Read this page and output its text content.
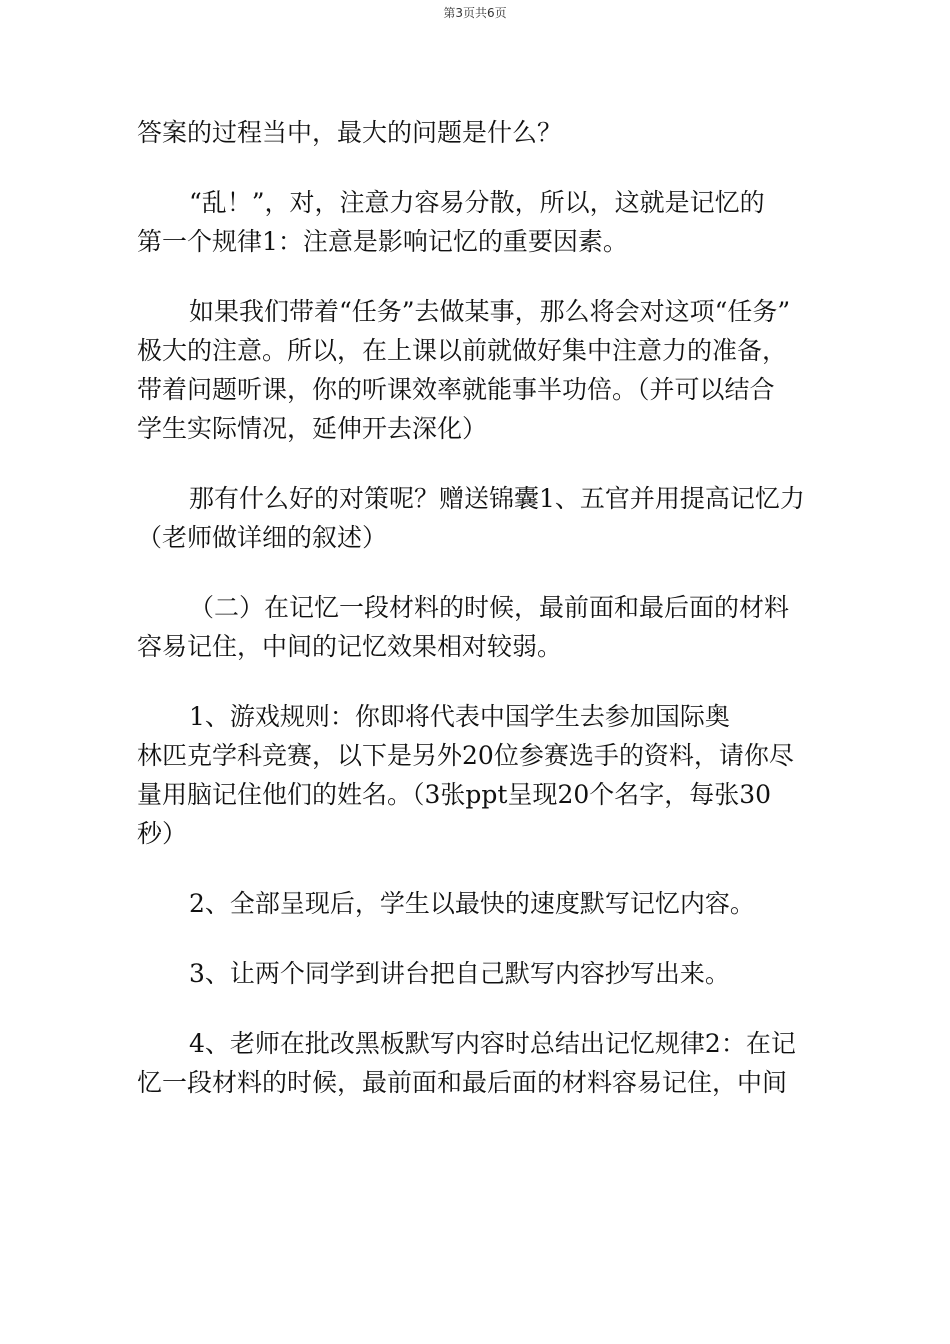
第3页共6页

答案的过程当中，最大的问题是什么？

“乱！”，对，注意力容易分散，所以，这就是记忆的
第一个规律1：注意是影响记忆的重要因素。

如果我们带着“任务”去做某事，那么将会对这项“任务”
极大的注意。所以，在上课以前就做好集中注意力的准备，
带着问题听课，你的听课效率就能事半功倍。（并可以结合
学生实际情况，延伸开去深化）

那有什么好的对策呢？赠送锦囊1、五官并用提高记忆力
（老师做详细的叙述）

（二）在记忆一段材料的时候，最前面和最后面的材料
容易记住，中间的记忆效果相对较弱。

1、游戏规则：你即将代表中国学生去参加国际奥
林匹克学科竞赛，以下是另外20位参赛选手的资料，请你尽
量用脑记住他们的姓名。（3张ppt呈现20个名字，每张30
秒）

2、全部呈现后，学生以最快的速度默写记忆内容。

3、让两个同学到讲台把自己默写内容抄写出来。

4、老师在批改黑板默写内容时总结出记忆规律2：在记
忆一段材料的时候，最前面和最后面的材料容易记住，中间
